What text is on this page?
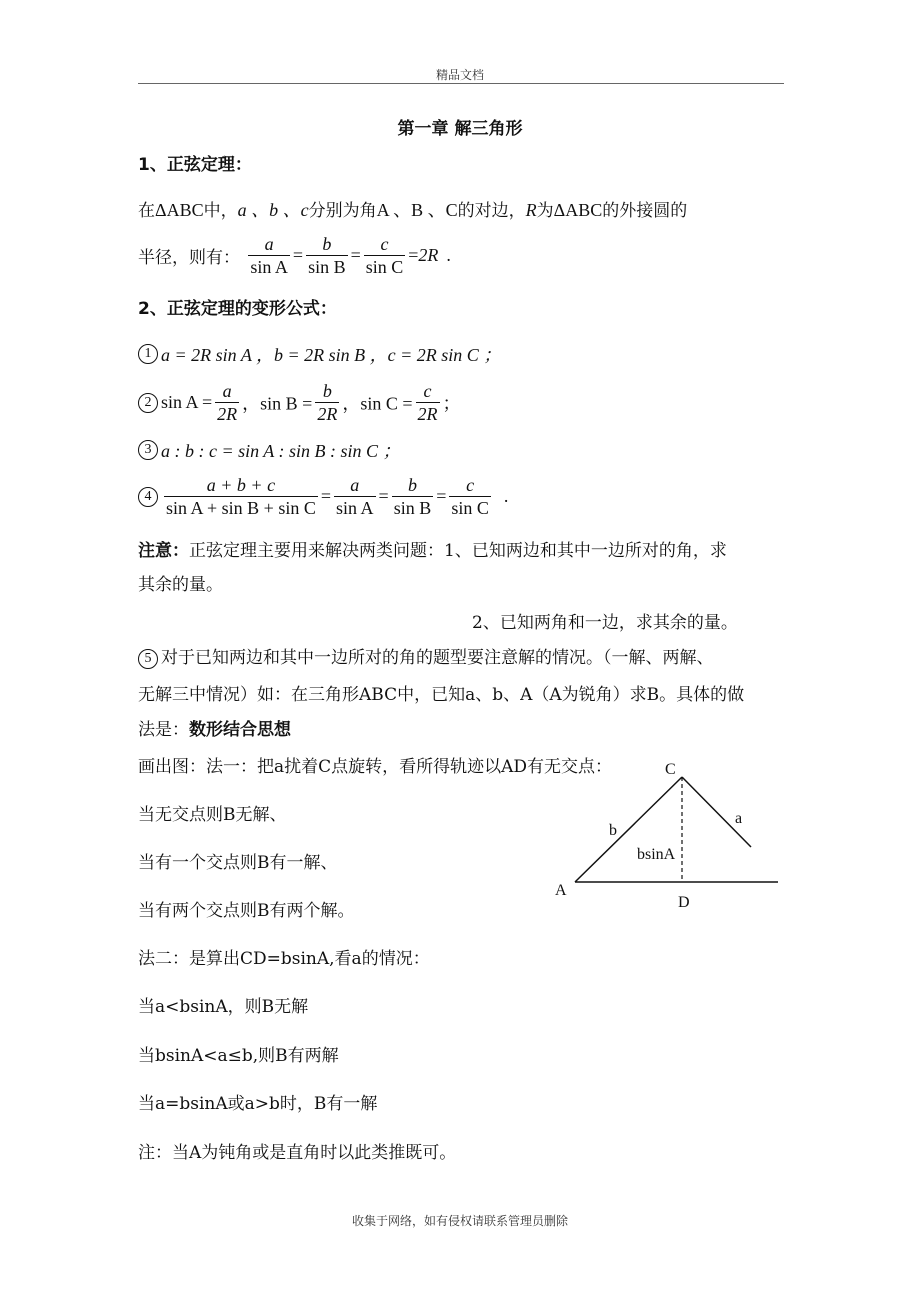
精品文档
第一章 解三角形
1、正弦定理：
在ΔABC中，a 、b 、c分别为角A 、B 、C的对边，R为ΔABC的外接圆的
半径，则有： $\frac{a}{\text{sin A}} = \frac{b}{\text{sin B}} = \frac{c}{\text{sin C}} =2R$ .
2、正弦定理的变形公式：
1 a = 2R sin A ，b = 2R sin B ，c = 2R sin C ；
2 $\sin A = \frac{a}{2R}$ ，$\sin B = \frac{b}{2R}$ ，$\sin C = \frac{c}{2R}$ ；
3 a : b : c = sin A : sin B : sin C ；
$4 \frac{a + b + c}{\text{sin A + sin B + sin C}} = \frac{a}{\text{sin A}} = \frac{b}{\text{sin B}} = \frac{c}{\text{sin C}}$ .
注意：正弦定理主要用来解决两类问题：1、已知两边和其中一边所对的角，求
其余的量。
2、已知两角和一边，求其余的量。
5 对于已知两边和其中一边所对的角的题型要注意解的情况。（一解、两解、
无解三中情况）如：在三角形ABC中，已知a、b、A（A为锐角）求B。具体的做
法是：数形结合思想
画出图：法一：把a扰着C点旋转，看所得轨迹以AD有无交点：
当无交点则B无解、
当有一个交点则B有一解、
当有两个交点则B有两个解。
C
A
D
a
b
bsinA
法二：是算出CD=bsinA,看a的情况：
当a<bsinA，则B无解
当bsinA<a≤b,则B有两解
当a=bsinA或a>b时，B有一解
注：当A为钝角或是直角时以此类推既可。
收集于网络，如有侵权请联系管理员删除
